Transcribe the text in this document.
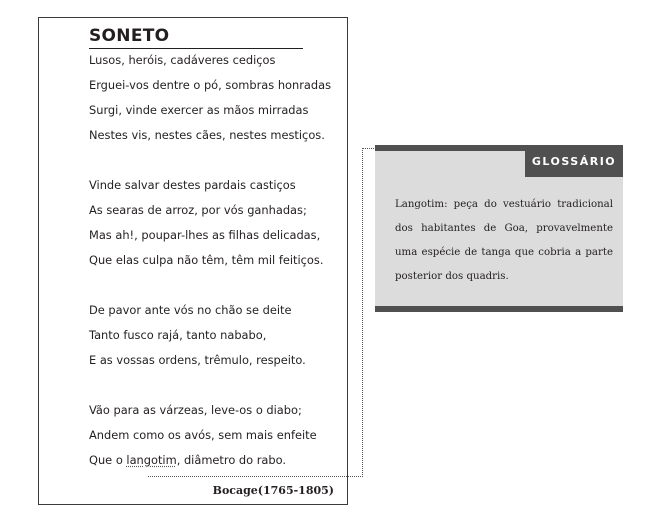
SONETO
Lusos, heróis, cadáveres cediços
Erguei-vos dentre o pó, sombras honradas
Surgi, vinde exercer as mãos mirradas
Nestes vis, nestes cães, nestes mestiços.
Vinde salvar destes pardais castiços
As searas de arroz, por vós ganhadas;
Mas ah!, poupar-lhes as filhas delicadas,
Que elas culpa não têm, têm mil feitiços.
De pavor ante vós no chão se deite
Tanto fusco rajá, tanto nababo,
E as vossas ordens, trêmulo, respeito.
Vão para as várzeas, leve-os o diabo;
Andem como os avós, sem mais enfeite
Que o langotim, diâmetro do rabo.

Bocage(1765-1805)

GLOSSÁRIO

Langotim: peça do vestuário tradicional dos habitantes de Goa, provavelmente uma espécie de tanga que cobria a parte posterior dos quadris.
